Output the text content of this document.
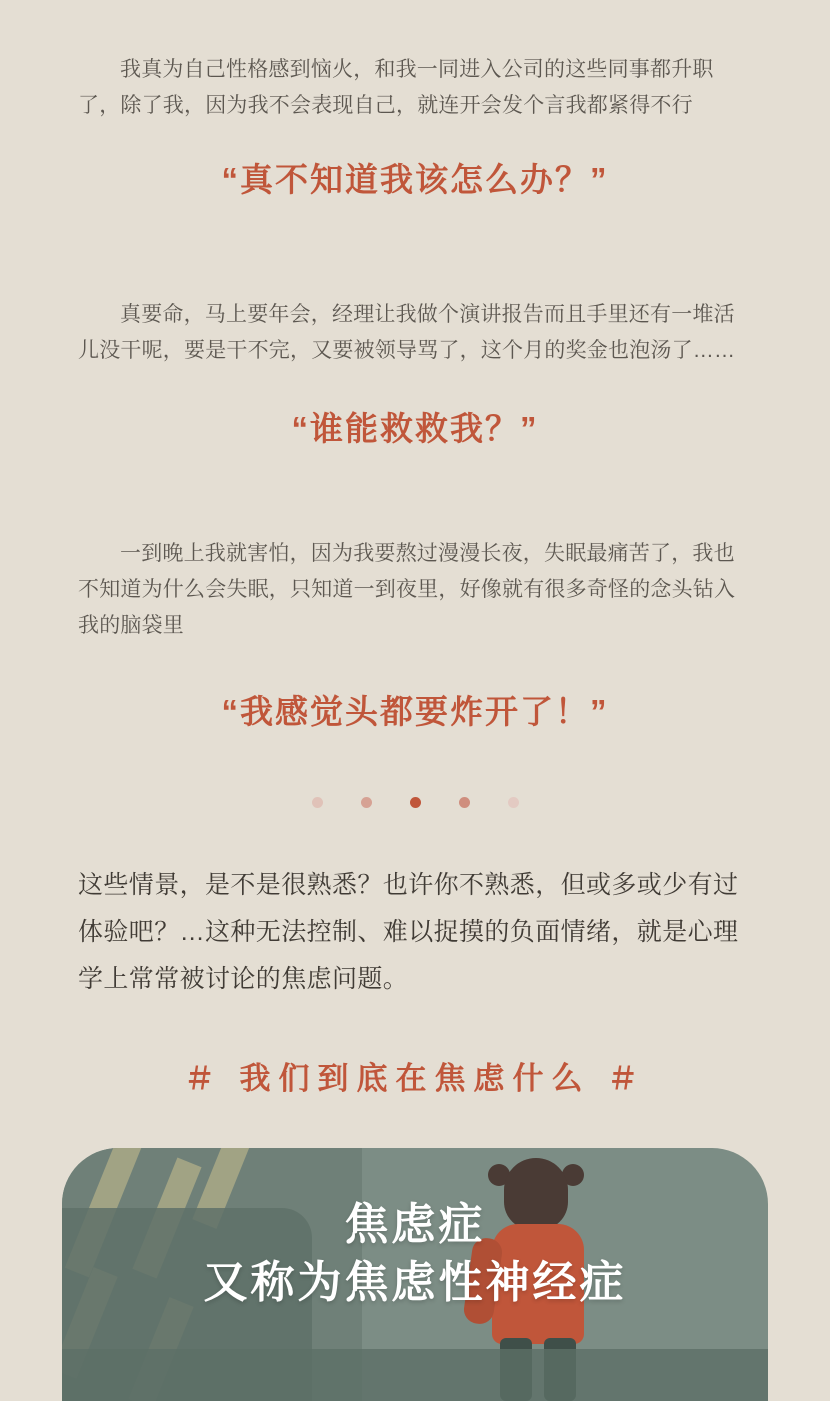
我真为自己性格感到恼火，和我一同进入公司的这些同事都升职了，除了我，因为我不会表现自己，就连开会发个言我都紧得不行

“真不知道我该怎么办？”

真要命，马上要年会，经理让我做个演讲报告而且手里还有一堆活儿没干呢，要是干不完，又要被领导骂了，这个月的奖金也泡汤了……

“谁能救救我？”

一到晚上我就害怕，因为我要熬过漫漫长夜，失眠最痛苦了，我也不知道为什么会失眠，只知道一到夜里，好像就有很多奇怪的念头钻入我的脑袋里

“我感觉头都要炸开了！”

这些情景，是不是很熟悉？也许你不熟悉，但或多或少有过体验吧？…这种无法控制、难以捉摸的负面情绪，就是心理学上常常被讨论的焦虑问题。

＃ 我们到底在焦虑什么 ＃

焦虑症
又称为焦虑性神经症
